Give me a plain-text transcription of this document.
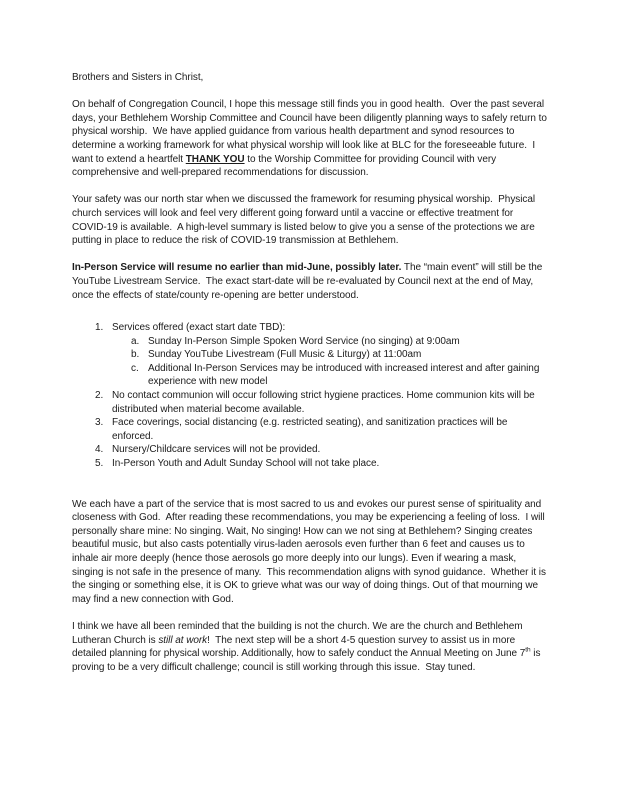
Brothers and Sisters in Christ,

On behalf of Congregation Council, I hope this message still finds you in good health.  Over the past several days, your Bethlehem Worship Committee and Council have been diligently planning ways to safely return to physical worship.  We have applied guidance from various health department and synod resources to determine a working framework for what physical worship will look like at BLC for the foreseeable future.  I want to extend a heartfelt THANK YOU to the Worship Committee for providing Council with very comprehensive and well-prepared recommendations for discussion.

Your safety was our north star when we discussed the framework for resuming physical worship.  Physical church services will look and feel very different going forward until a vaccine or effective treatment for COVID-19 is available.  A high-level summary is listed below to give you a sense of the protections we are putting in place to reduce the risk of COVID-19 transmission at Bethlehem.

In-Person Service will resume no earlier than mid-June, possibly later. The “main event” will still be the YouTube Livestream Service.  The exact start-date will be re-evaluated by Council next at the end of May, once the effects of state/county re-opening are better understood.

1. Services offered (exact start date TBD):
a. Sunday In-Person Simple Spoken Word Service (no singing) at 9:00am
b. Sunday YouTube Livestream (Full Music & Liturgy) at 11:00am
c. Additional In-Person Services may be introduced with increased interest and after gaining experience with new model
2. No contact communion will occur following strict hygiene practices. Home communion kits will be distributed when material become available.
3. Face coverings, social distancing (e.g. restricted seating), and sanitization practices will be enforced.
4. Nursery/Childcare services will not be provided.
5. In-Person Youth and Adult Sunday School will not take place.

We each have a part of the service that is most sacred to us and evokes our purest sense of spirituality and closeness with God.  After reading these recommendations, you may be experiencing a feeling of loss.  I will personally share mine: No singing. Wait, No singing! How can we not sing at Bethlehem? Singing creates beautiful music, but also casts potentially virus-laden aerosols even further than 6 feet and causes us to inhale air more deeply (hence those aerosols go more deeply into our lungs). Even if wearing a mask, singing is not safe in the presence of many.  This recommendation aligns with synod guidance.  Whether it is the singing or something else, it is OK to grieve what was our way of doing things. Out of that mourning we may find a new connection with God.

I think we have all been reminded that the building is not the church. We are the church and Bethlehem Lutheran Church is still at work!  The next step will be a short 4-5 question survey to assist us in more detailed planning for physical worship. Additionally, how to safely conduct the Annual Meeting on June 7th is proving to be a very difficult challenge; council is still working through this issue.  Stay tuned.
